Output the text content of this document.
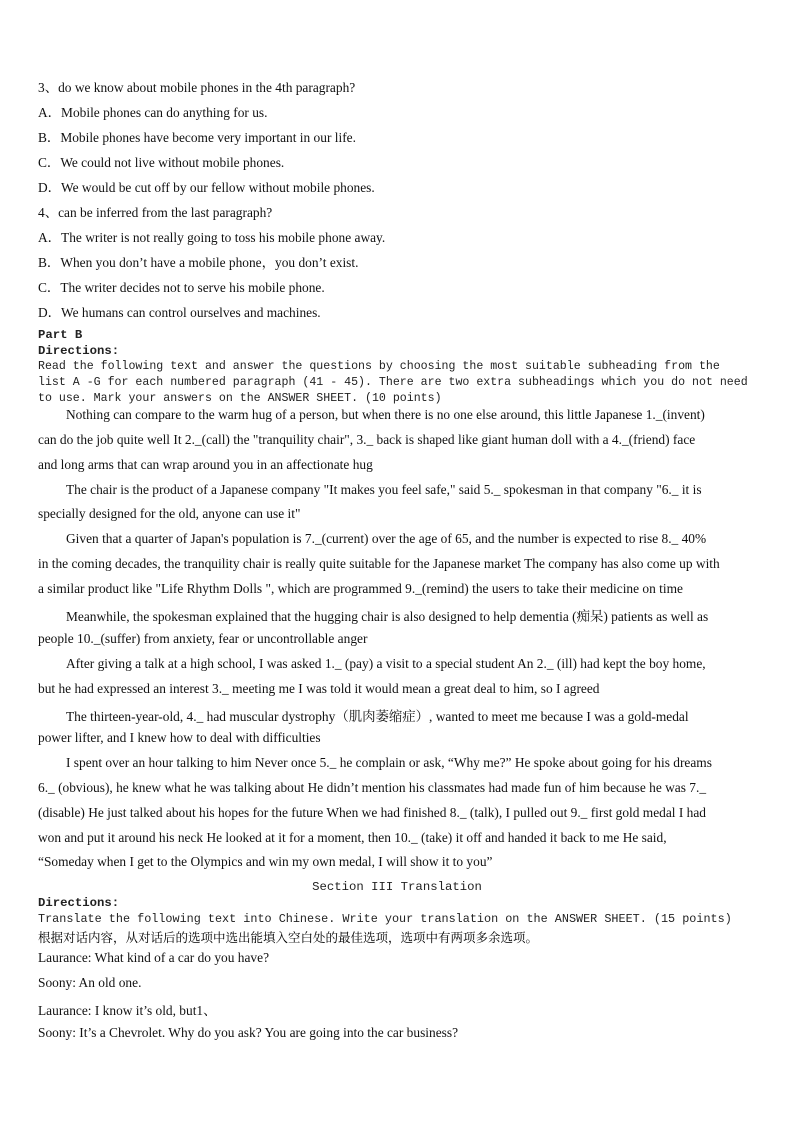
3、do we know about mobile phones in the 4th paragraph?
A．Mobile phones can do anything for us.
B．Mobile phones have become very important in our life.
C．We could not live without mobile phones.
D．We would be cut off by our fellow without mobile phones.
4、can be inferred from the last paragraph?
A．The writer is not really going to toss his mobile phone away.
B．When you don’t have a mobile phone，you don’t exist.
C．The writer decides not to serve his mobile phone.
D．We humans can control ourselves and machines.
Part B
Directions:
Read the following text and answer the questions by choosing the most suitable subheading from the
list A -G for each numbered paragraph (41 - 45). There are two extra subheadings which you do not need
to use. Mark your answers on the ANSWER SHEET. (10 points)
Nothing can compare to the warm hug of a person, but when there is no one else around, this little Japanese 1._(invent)
can do the job quite well It 2._(call) the "tranquility chair", 3._ back is shaped like giant human doll with a 4._(friend) face
and long arms that can wrap around you in an affectionate hug
The chair is the product of a Japanese company "It makes you feel safe," said 5._ spokesman in that company "6._ it is
specially designed for the old, anyone can use it"
Given that a quarter of Japan's population is 7._(current) over the age of 65, and the number is expected to rise 8._ 40%
in the coming decades, the tranquility chair is really quite suitable for the Japanese market The company has also come up with
a similar product like "Life Rhythm Dolls ", which are programmed 9._(remind) the users to take their medicine on time
Meanwhile, the spokesman explained that the hugging chair is also designed to help dementia (痴呆) patients as well as
people 10._(suffer) from anxiety, fear or uncontrollable anger
After giving a talk at a high school, I was asked 1._ (pay) a visit to a special student An 2._ (ill) had kept the boy home,
but he had expressed an interest 3._ meeting me I was told it would mean a great deal to him, so I agreed
The thirteen-year-old, 4._ had muscular dystrophy（肌肉萎缩症）, wanted to meet me because I was a gold-medal
power lifter, and I knew how to deal with difficulties
I spent over an hour talking to him Never once 5._ he complain or ask, “Why me?” He spoke about going for his dreams
6._ (obvious), he knew what he was talking about He didn’t mention his classmates had made fun of him because he was 7._
(disable) He just talked about his hopes for the future When we had finished 8._ (talk), I pulled out 9._ first gold medal I had
won and put it around his neck He looked at it for a moment, then 10._ (take) it off and handed it back to me He said,
“Someday when I get to the Olympics and win my own medal, I will show it to you”
Section III Translation
Directions:
Translate the following text into Chinese. Write your translation on the ANSWER SHEET. (15 points)
根据对话内容，从对话后的选项中选出能填入空白处的最佳选项，选项中有两项多余选项。
Laurance: What kind of a car do you have?
Soony: An old one.
Laurance: I know it’s old, but1、
Soony: It’s a Chevrolet. Why do you ask? You are going into the car business?
